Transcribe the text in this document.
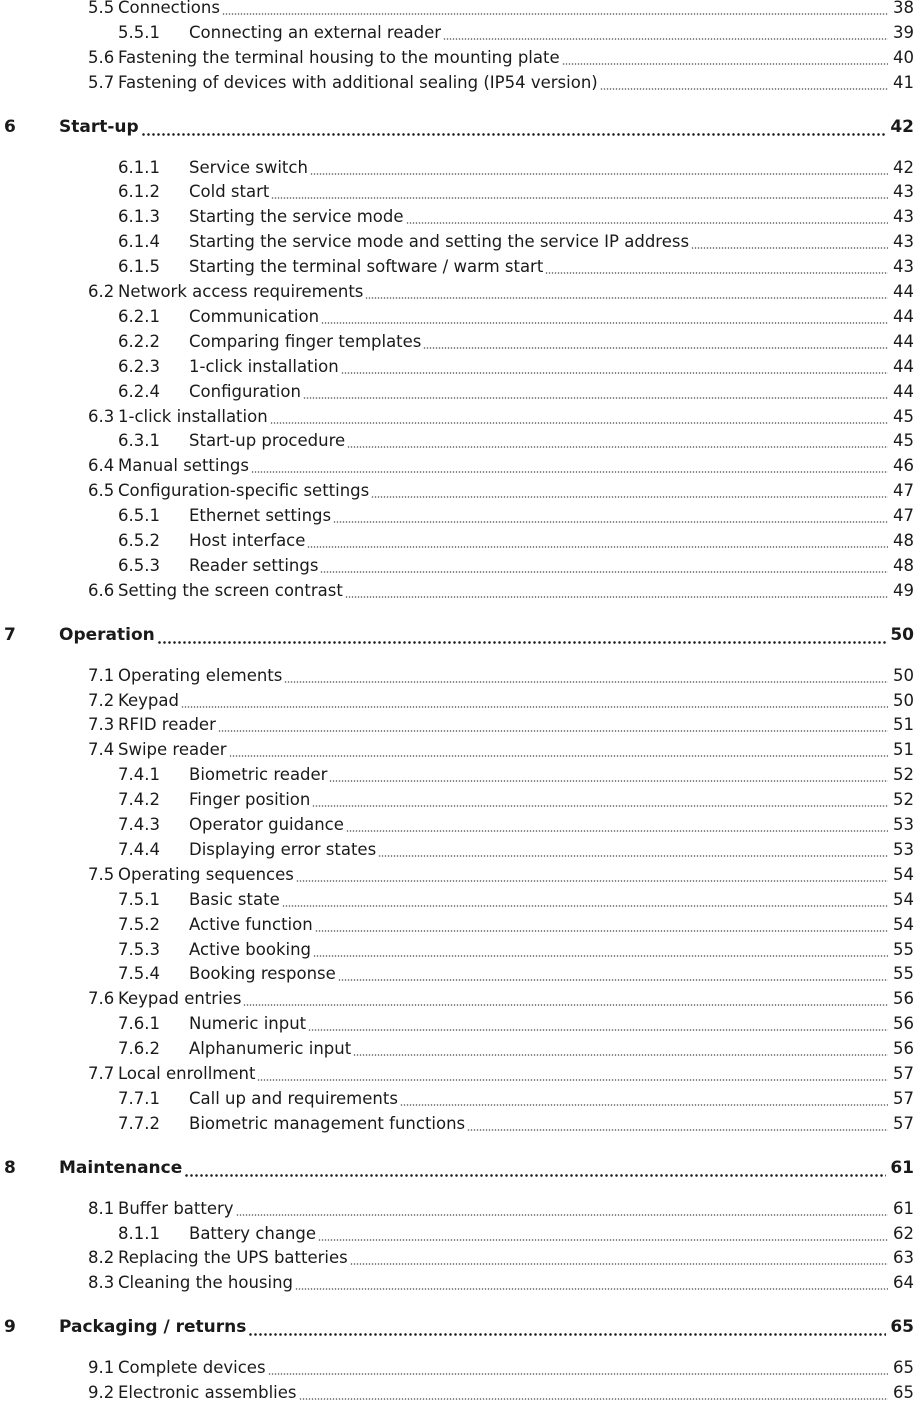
5.5 Connections	38
5.5.1 Connecting an external reader	39
5.6 Fastening the terminal housing to the mounting plate	40
5.7 Fastening of devices with additional sealing (IP54 version)	41
6	Start-up	42
6.1.1 Service switch	42
6.1.2 Cold start	43
6.1.3 Starting the service mode	43
6.1.4 Starting the service mode and setting the service IP address	43
6.1.5 Starting the terminal software / warm start	43
6.2 Network access requirements	44
6.2.1 Communication	44
6.2.2 Comparing finger templates	44
6.2.3 1-click installation	44
6.2.4 Configuration	44
6.3 1-click installation	45
6.3.1 Start-up procedure	45
6.4 Manual settings	46
6.5 Configuration-specific settings	47
6.5.1 Ethernet settings	47
6.5.2 Host interface	48
6.5.3 Reader settings	48
6.6 Setting the screen contrast	49
7	Operation	50
7.1 Operating elements	50
7.2 Keypad	50
7.3 RFID reader	51
7.4 Swipe reader	51
7.4.1 Biometric reader	52
7.4.2 Finger position	52
7.4.3 Operator guidance	53
7.4.4 Displaying error states	53
7.5 Operating sequences	54
7.5.1 Basic state	54
7.5.2 Active function	54
7.5.3 Active booking	55
7.5.4 Booking response	55
7.6 Keypad entries	56
7.6.1 Numeric input	56
7.6.2 Alphanumeric input	56
7.7 Local enrollment	57
7.7.1 Call up and requirements	57
7.7.2 Biometric management functions	57
8	Maintenance	61
8.1 Buffer battery	61
8.1.1 Battery change	62
8.2 Replacing the UPS batteries	63
8.3 Cleaning the housing	64
9	Packaging / returns	65
9.1 Complete devices	65
9.2 Electronic assemblies	65
